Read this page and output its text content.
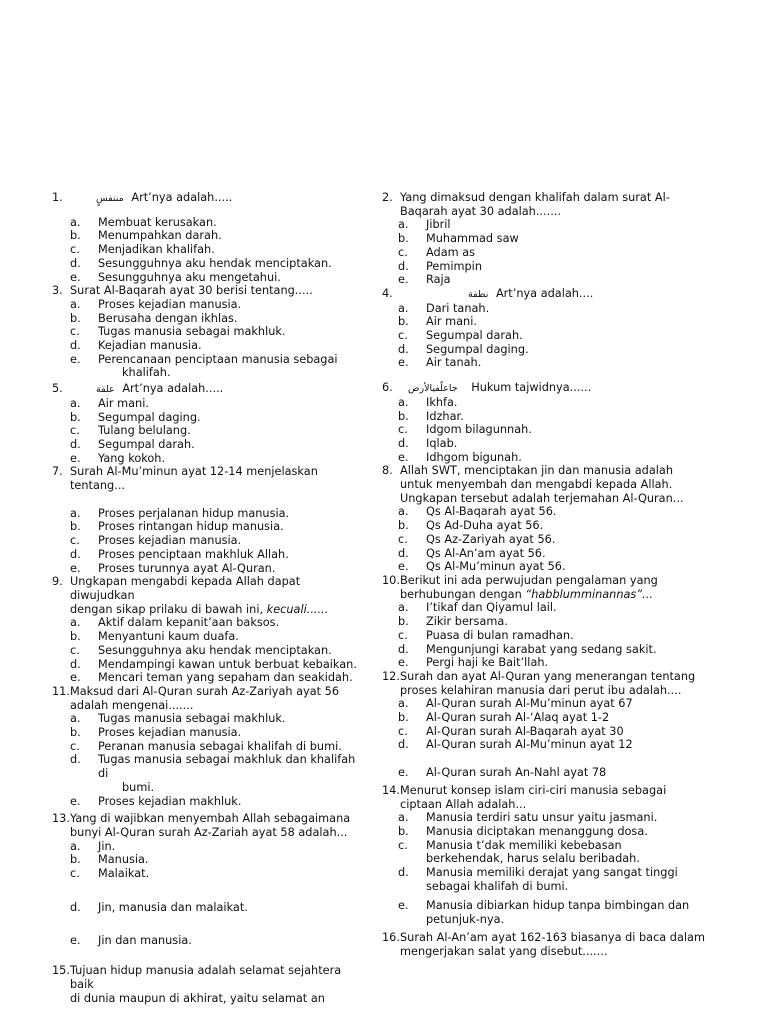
1.	مننفسٍ Art’nya adalah.....
a.	Membuat kerusakan.
b.	Menumpahkan darah.
c.	Menjadikan khalifah.
d.	Sesungguhnya aku hendak menciptakan.
e.	Sesungguhnya aku mengetahui.
3. Surat Al-Baqarah ayat 30 berisi tentang.....
a.	Proses kejadian manusia.
b.	Berusaha dengan ikhlas.
c.	Tugas manusia sebagai makhluk.
d.	Kejadian manusia.
e.	Perencanaan penciptaan manusia sebagai
khalifah.
5.	علقة Art’nya adalah.....
a.	Air mani.
b.	Segumpal daging.
c.	Tulang belulang.
d.	Segumpal darah.
e.	Yang kokoh.
7. Surah Al-Mu’minun ayat 12-14 menjelaskan
tentang...
a.	Proses perjalanan hidup manusia.
b.	Proses rintangan hidup manusia.
c.	Proses kejadian manusia.
d.	Proses penciptaan makhluk Allah.
e.	Proses turunnya ayat Al-Quran.
9. Ungkapan mengabdi kepada Allah dapat diwujudkan
dengan sikap prilaku di bawah ini, kecuali......
a.	Aktif dalam kepanit’aan baksos.
b.	Menyantuni kaum duafa.
c.	Sesungguhnya aku hendak menciptakan.
d.	Mendampingi kawan untuk berbuat kebaikan.
e.	Mencari teman yang sepaham dan seakidah.
11. Maksud dari Al-Quran surah Az-Zariyah ayat 56
adalah mengenai.......
a.	Tugas manusia sebagai makhluk.
b.	Proses kejadian manusia.
c.	Peranan manusia sebagai khalifah di bumi.
d.	Tugas manusia sebagai makhluk dan khalifah di
bumi.
e.	Proses kejadian makhluk.
13. Yang di wajibkan menyembah Allah sebagaimana
bunyi Al-Quran surah Az-Zariah ayat 58 adalah...
a.	Jin.
b.	Manusia.
c.	Malaikat.
d.	Jin, manusia dan malaikat.
e.	Jin dan manusia.
15. Tujuan hidup manusia adalah selamat sejahtera baik
di dunia maupun di akhirat, yaitu selamat an
2. Yang dimaksud dengan khalifah dalam surat Al-
Baqarah ayat 30 adalah.......
a.	Jibril
b.	Muhammad saw
c.	Adam as
d.	Pemimpin
e.	Raja
4.	نطفة Art’nya adalah....
a.	Dari tanah.
b.	Air mani.
c.	Segumpal darah.
d.	Segumpal daging.
e.	Air tanah.
6.	جاعلٌفيالأرض Hukum tajwidnya......
a.	Ikhfa.
b.	Idzhar.
c.	Idgom bilagunnah.
d.	Iqlab.
e.	Idhgom bigunah.
8. Allah SWT, menciptakan jin dan manusia adalah
untuk menyembah dan mengabdi kepada Allah.
Ungkapan tersebut adalah terjemahan Al-Quran...
a.	Qs Al-Baqarah ayat 56.
b.	Qs Ad-Duha ayat 56.
c.	Qs Az-Zariyah ayat 56.
d.	Qs Al-An’am ayat 56.
e.	Qs Al-Mu’minun ayat 56.
10. Berikut ini ada perwujudan pengalaman yang
berhubungan dengan “habblumminannas”...
a.	I’tikaf dan Qiyamul lail.
b.	Zikir bersama.
c.	Puasa di bulan ramadhan.
d.	Mengunjungi karabat yang sedang sakit.
e.	Pergi haji ke Bait’llah.
12. Surah dan ayat Al-Quran yang menerangan tentang
proses kelahiran manusia dari perut ibu adalah....
a.	Al-Quran surah Al-Mu’minun ayat 67
b.	Al-Quran surah Al-‘Alaq ayat 1-2
c.	Al-Quran surah Al-Baqarah ayat 30
d.	Al-Quran surah Al-Mu’minun ayat 12
e.	Al-Quran surah An-Nahl ayat 78
14. Menurut konsep islam ciri-ciri manusia sebagai
ciptaan Allah adalah...
a.	Manusia terdiri satu unsur yaitu jasmani.
b.	Manusia diciptakan menanggung dosa.
c.	Manusia t’dak memiliki kebebasan
berkehendak, harus selalu beribadah.
d.	Manusia memiliki derajat yang sangat tinggi
sebagai khalifah di bumi.
e.	Manusia dibiarkan hidup tanpa bimbingan dan
petunjuk-nya.
16. Surah Al-An’am ayat 162-163 biasanya di baca dalam
mengerjakan salat yang disebut.......
